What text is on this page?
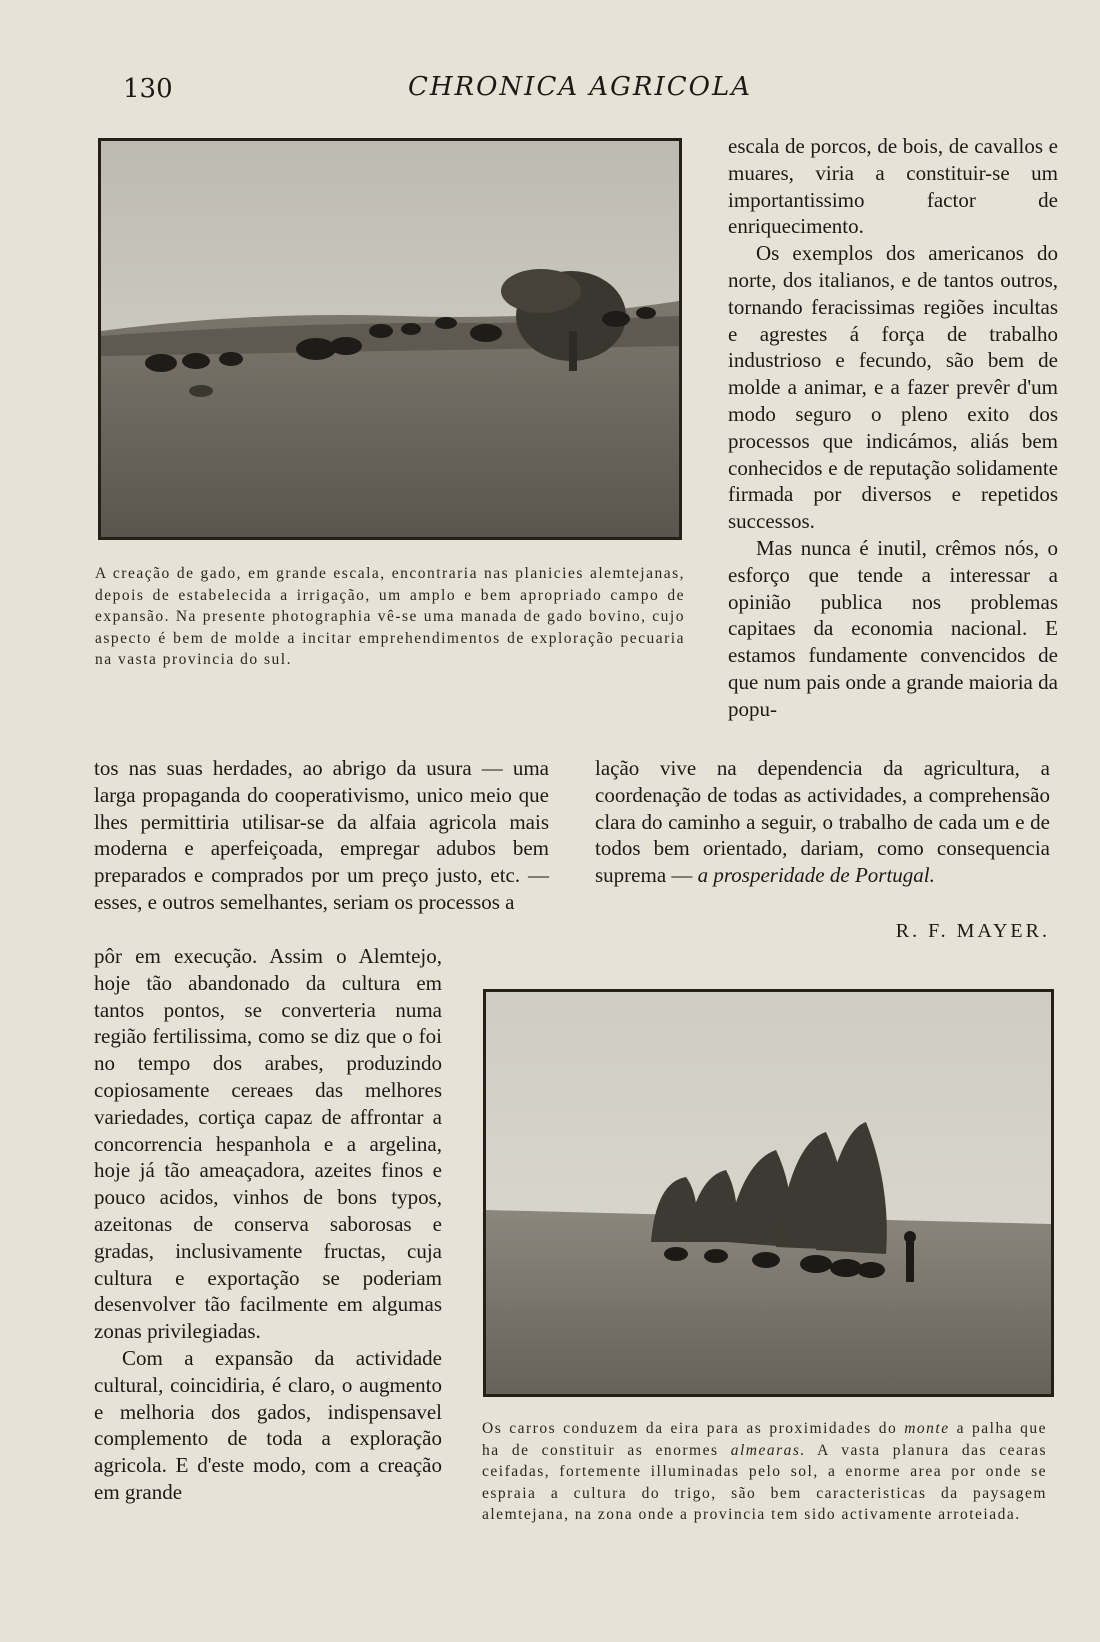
130	CHRONICA AGRICOLA

A creação de gado, em grande escala, encontraria nas planicies alemtejanas, depois de estabelecida a irrigação, um amplo e bem apropriado campo de expansão. Na presente photographia vê-se uma manada de gado bovino, cujo aspecto é bem de molde a incitar emprehendimentos de exploração pecuaria na vasta provincia do sul.

escala de porcos, de bois, de cavallos e muares, viria a constituir-se um importantissimo factor de enriquecimento.

Os exemplos dos americanos do norte, dos italianos, e de tantos outros, tornando feracissimas regiões incultas e agrestes á força de trabalho industrioso e fecundo, são bem de molde a animar, e a fazer prevêr d'um modo seguro o pleno exito dos processos que indicámos, aliás bem conhecidos e de reputação solidamente firmada por diversos e repetidos successos.

Mas nunca é inutil, crêmos nós, o esforço que tende a interessar a opinião publica nos problemas capitaes da economia nacional. E estamos fundamente convencidos de que num pais onde a grande maioria da popu-

tos nas suas herdades, ao abrigo da usura — uma larga propaganda do cooperativismo, unico meio que lhes permittiria utilisar-se da alfaia agricola mais moderna e aperfeiçoada, empregar adubos bem preparados e comprados por um preço justo, etc. — esses, e outros semelhantes, seriam os processos a

lação vive na dependencia da agricultura, a coordenação de todas as actividades, a comprehensão clara do caminho a seguir, o trabalho de cada um e de todos bem orientado, dariam, como consequencia suprema — a prosperidade de Portugal.

R. F. MAYER.

pôr em execução. Assim o Alemtejo, hoje tão abandonado da cultura em tantos pontos, se converteria numa região fertilissima, como se diz que o foi no tempo dos arabes, produzindo copiosamente cereaes das melhores variedades, cortiça capaz de affrontar a concorrencia hespanhola e a argelina, hoje já tão ameaçadora, azeites finos e pouco acidos, vinhos de bons typos, azeitonas de conserva saborosas e gradas, inclusivamente fructas, cuja cultura e exportação se poderiam desenvolver tão facilmente em algumas zonas privilegiadas.

Com a expansão da actividade cultural, coincidiria, é claro, o augmento e melhoria dos gados, indispensavel complemento de toda a exploração agricola. E d'este modo, com a creação em grande

Os carros conduzem da eira para as proximidades do monte a palha que ha de constituir as enormes almearas. A vasta planura das cearas ceifadas, fortemente illuminadas pelo sol, a enorme area por onde se espraia a cultura do trigo, são bem caracteristicas da paysagem alemtejana, na zona onde a provincia tem sido activamente arroteiada.
